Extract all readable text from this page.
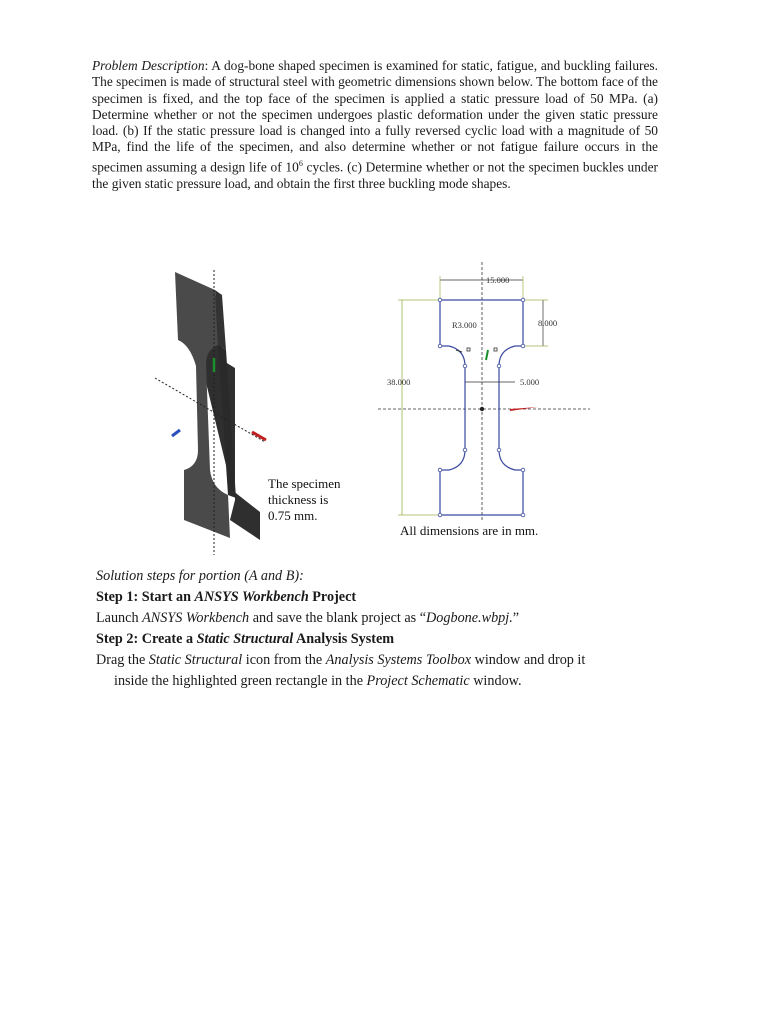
Problem Description: A dog-bone shaped specimen is examined for static, fatigue, and buckling failures. The specimen is made of structural steel with geometric dimensions shown below. The bottom face of the specimen is fixed, and the top face of the specimen is applied a static pressure load of 50 MPa. (a) Determine whether or not the specimen undergoes plastic deformation under the given static pressure load. (b) If the static pressure load is changed into a fully reversed cyclic load with a magnitude of 50 MPa, find the life of the specimen, and also determine whether or not fatigue failure occurs in the specimen assuming a design life of $10^6$ cycles. (c) Determine whether or not the specimen buckles under the given static pressure load, and obtain the first three buckling mode shapes.
The specimen
thickness is
0.75 mm.
15.000
R3.000	8.000
38.000	5.000
All dimensions are in mm.
Solution steps for portion (A and B):
Step 1: Start an ANSYS Workbench Project
Launch ANSYS Workbench and save the blank project as “Dogbone.wbpj.”
Step 2: Create a Static Structural Analysis System
Drag the Static Structural icon from the Analysis Systems Toolbox window and drop it
inside the highlighted green rectangle in the Project Schematic window.
